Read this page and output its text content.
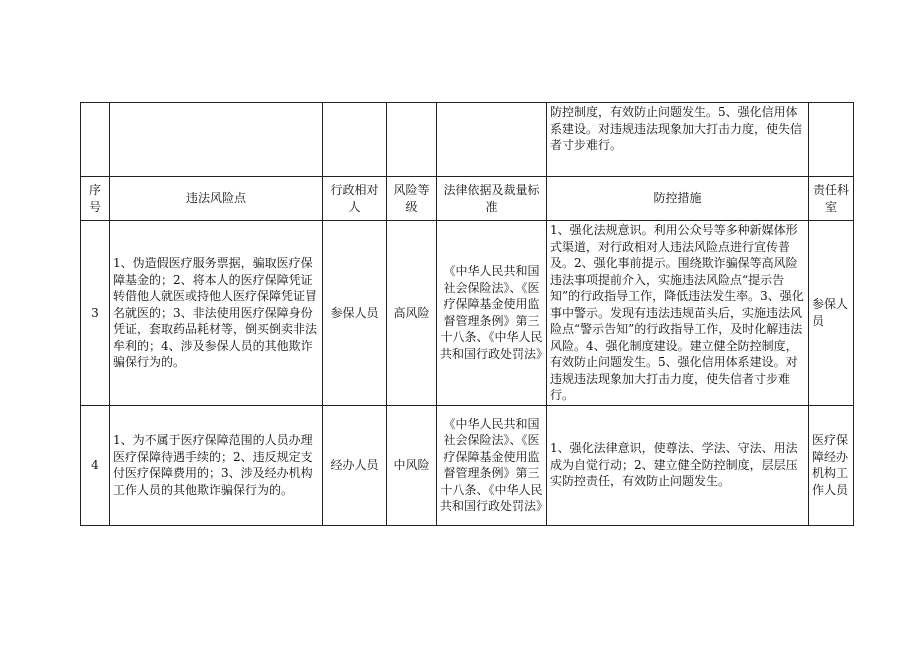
					防控制度，有效防止问题发生。5、强化信用体系建设。对违规违法现象加大打击力度，使失信者寸步难行。	
序号	违法风险点	行政相对人	风险等级	法律依据及裁量标准	防控措施	责任科室
3	1、伪造假医疗服务票据，骗取医疗保障基金的；2、将本人的医疗保障凭证转借他人就医或持他人医疗保障凭证冒名就医的；3、非法使用医疗保障身份凭证，套取药品耗材等，倒买倒卖非法牟利的；4、涉及参保人员的其他欺诈骗保行为的。	参保人员	高风险	《中华人民共和国社会保险法》、《医疗保障基金使用监督管理条例》第三十八条、《中华人民共和国行政处罚法》	1、强化法规意识。利用公众号等多种新媒体形式渠道，对行政相对人违法风险点进行宣传普及。2、强化事前提示。围绕欺诈骗保等高风险违法事项提前介入，实施违法风险点“提示告知”的行政指导工作，降低违法发生率。3、强化事中警示。发现有违法违规苗头后，实施违法风险点“警示告知”的行政指导工作，及时化解违法风险。4、强化制度建设。建立健全防控制度，有效防止问题发生。5、强化信用体系建设。对违规违法现象加大打击力度，使失信者寸步难行。	参保人员
4	1、为不属于医疗保障范围的人员办理医疗保障待遇手续的；2、违反规定支付医疗保障费用的；3、涉及经办机构工作人员的其他欺诈骗保行为的。	经办人员	中风险	《中华人民共和国社会保险法》、《医疗保障基金使用监督管理条例》第三十八条、《中华人民共和国行政处罚法》	1、强化法律意识，使尊法、学法、守法、用法成为自觉行动；2、建立健全防控制度，层层压实防控责任，有效防止问题发生。	医疗保障经办机构工作人员
